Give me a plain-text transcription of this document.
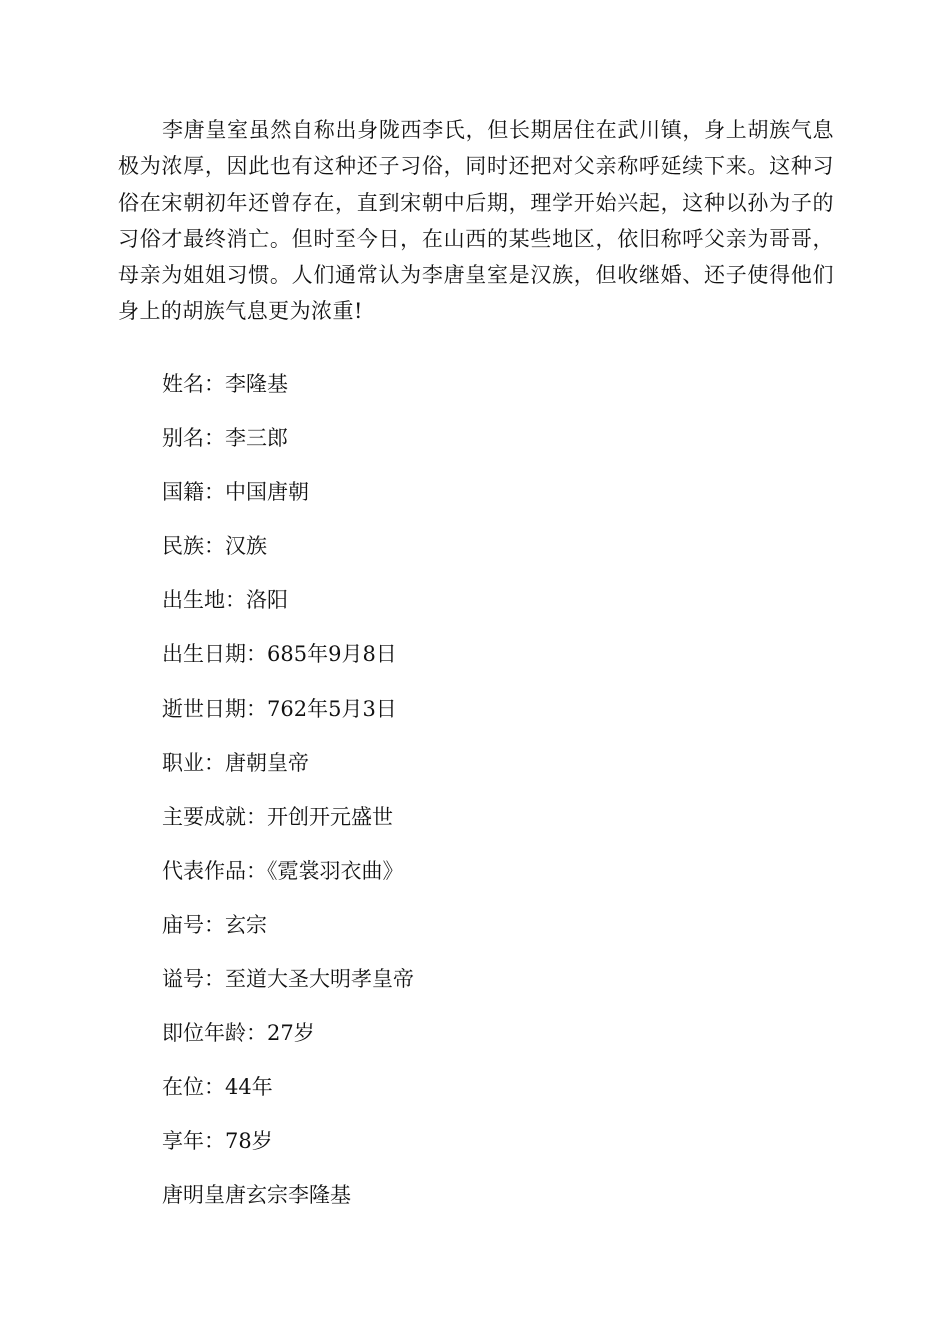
李唐皇室虽然自称出身陇西李氏，但长期居住在武川镇，身上胡族气息极为浓厚，因此也有这种还子习俗，同时还把对父亲称呼延续下来。这种习俗在宋朝初年还曾存在，直到宋朝中后期，理学开始兴起，这种以孙为子的习俗才最终消亡。但时至今日，在山西的某些地区，依旧称呼父亲为哥哥，母亲为姐姐习惯。人们通常认为李唐皇室是汉族，但收继婚、还子使得他们身上的胡族气息更为浓重!

姓名：李隆基
别名：李三郎
国籍：中国唐朝
民族：汉族
出生地：洛阳
出生日期：685年9月8日
逝世日期：762年5月3日
职业：唐朝皇帝
主要成就：开创开元盛世
代表作品：《霓裳羽衣曲》
庙号：玄宗
谥号：至道大圣大明孝皇帝
即位年龄：27岁
在位：44年
享年：78岁
唐明皇唐玄宗李隆基
